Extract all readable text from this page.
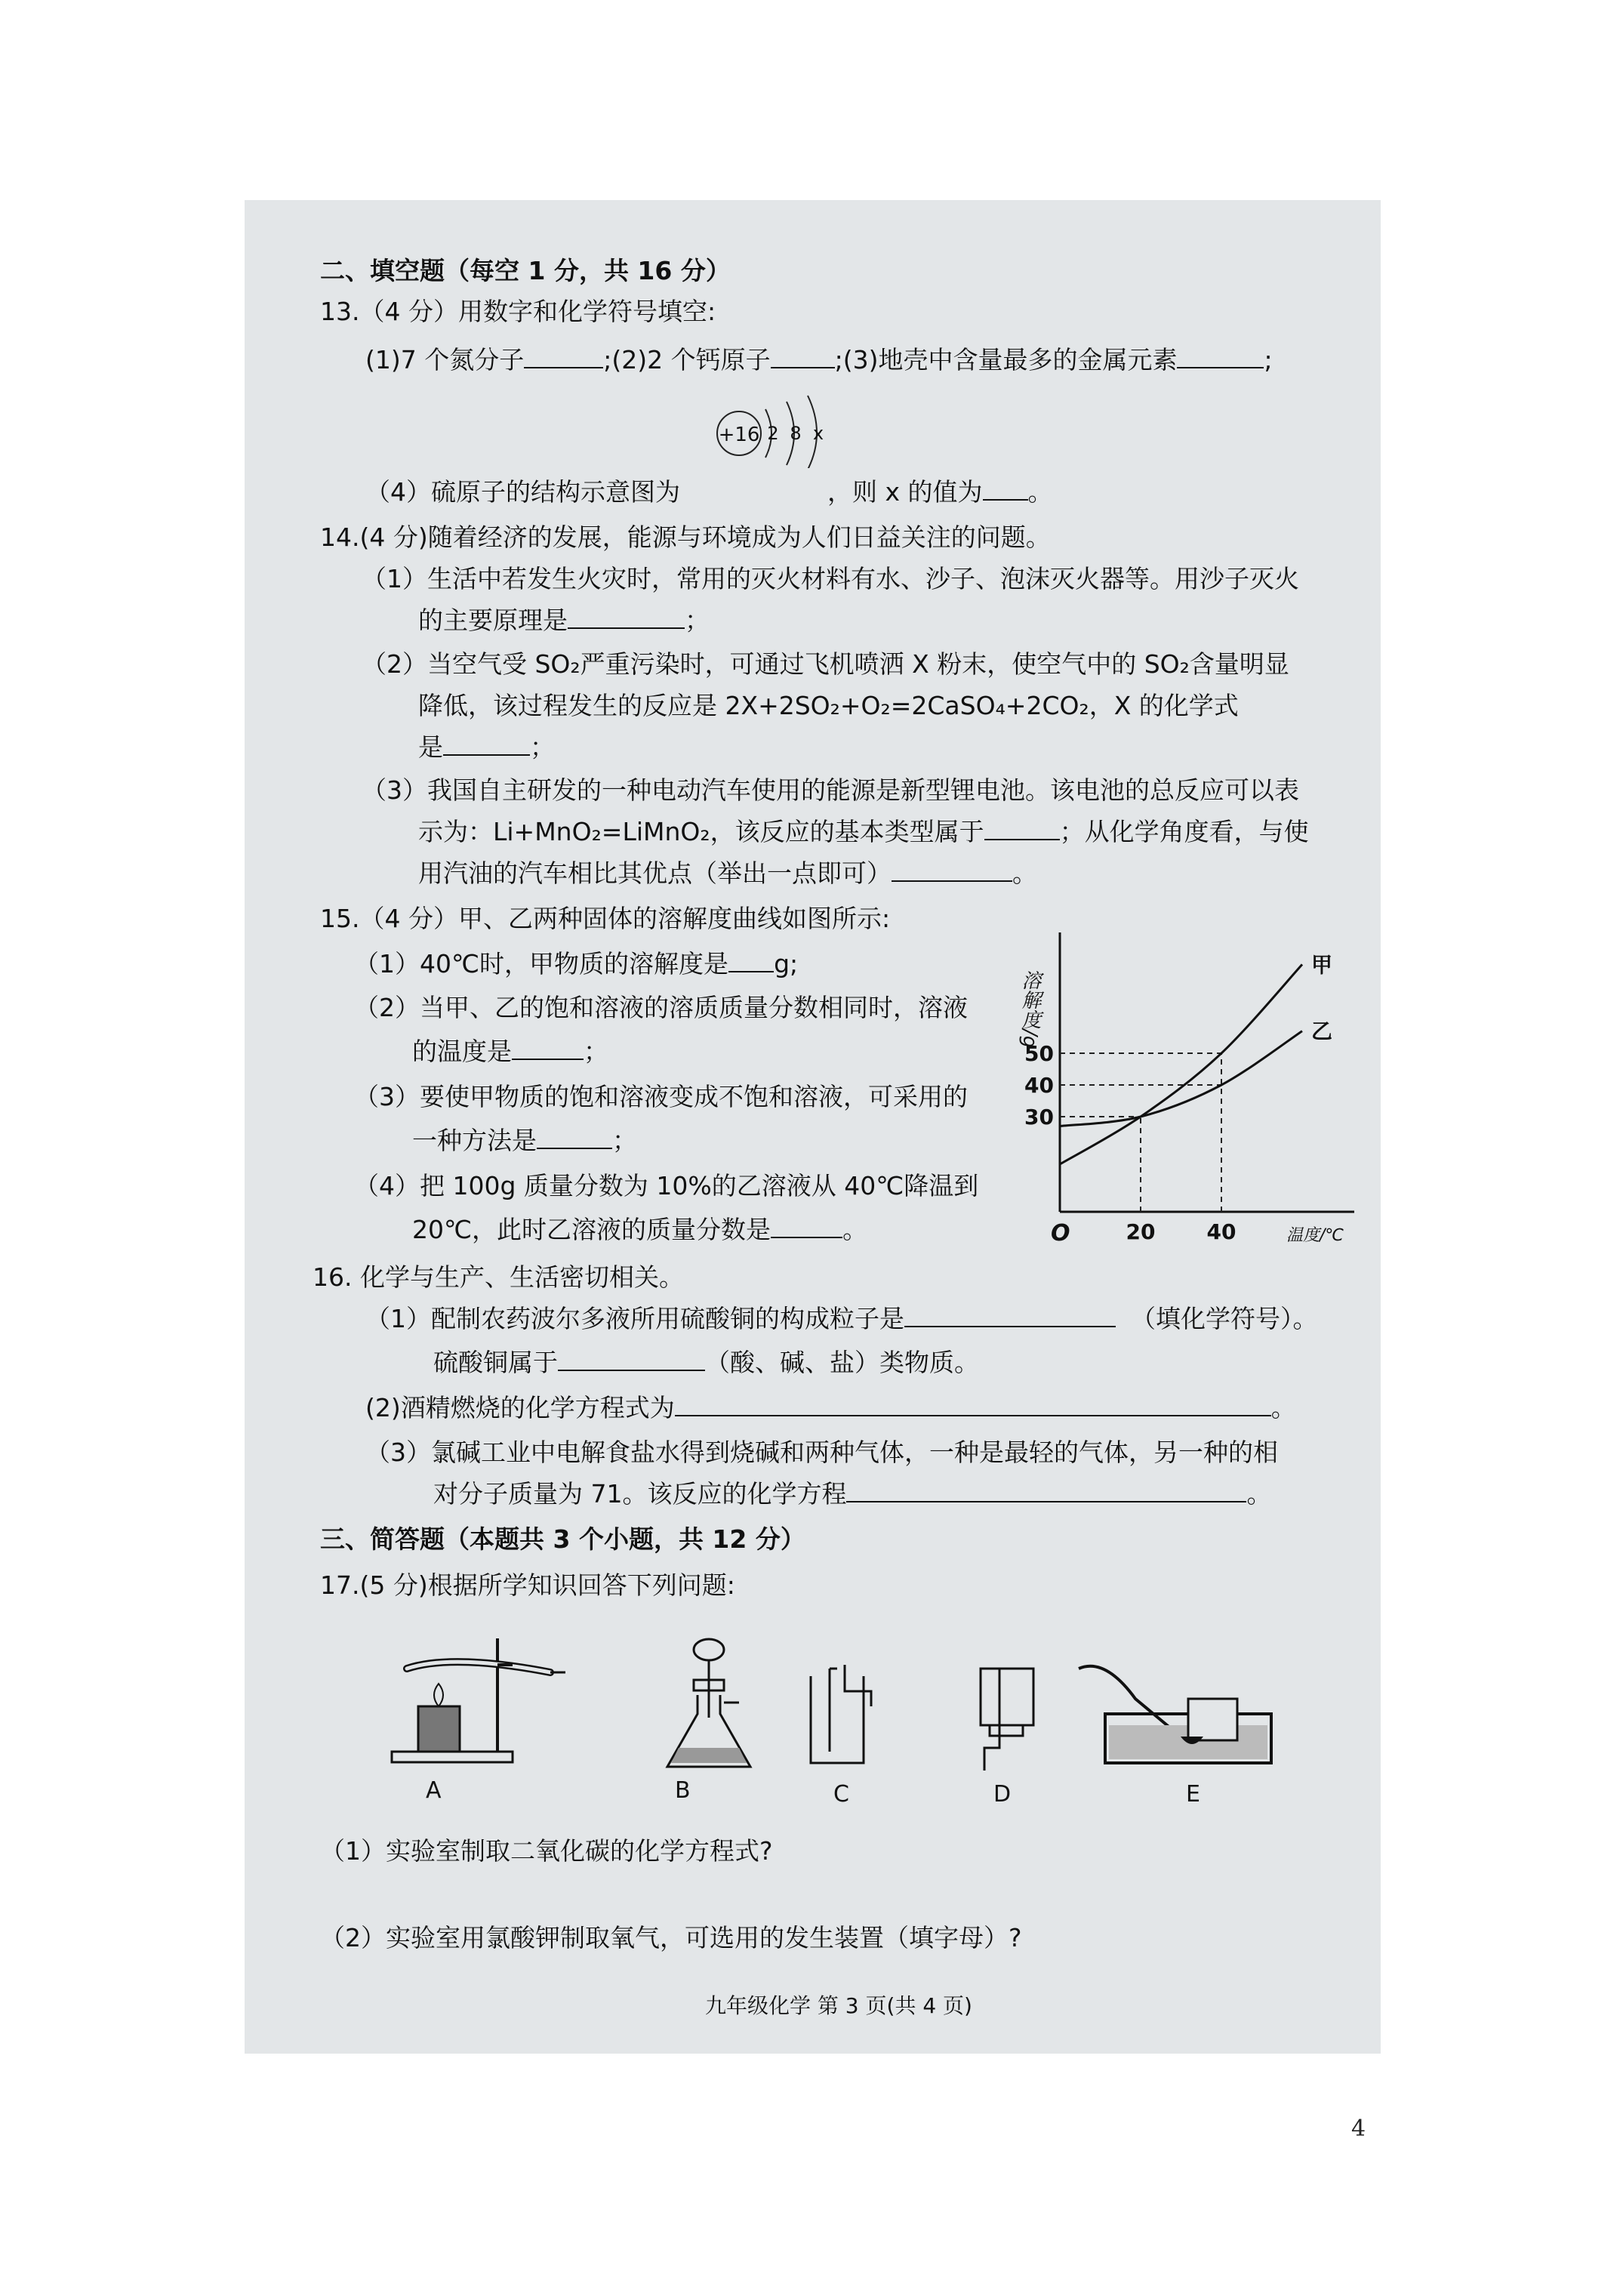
二、填空题（每空 1 分，共 16 分）
13.（4 分）用数字和化学符号填空:
(1)7 个氮分子	;(2)2 个钙原子	;(3)地壳中含量最多的金属元素	;
+16 2 8 x
（4）硫原子的结构示意图为	，则 x 的值为 。
14.(4 分)随着经济的发展，能源与环境成为人们日益关注的问题。
（1）生活中若发生火灾时，常用的灭火材料有水、沙子、泡沫灭火器等。用沙子灭火
的主要原理是	；
（2）当空气受 SO₂严重污染时，可通过飞机喷洒 X 粉末，使空气中的 SO₂含量明显
降低，该过程发生的反应是 2X+2SO₂+O₂=2CaSO₄+2CO₂，X 的化学式
是	；
（3）我国自主研发的一种电动汽车使用的能源是新型锂电池。该电池的总反应可以表
示为：Li+MnO₂=LiMnO₂，该反应的基本类型属于	；从化学角度看，与使
用汽油的汽车相比其优点（举出一点即可）	。
15.（4 分）甲、乙两种固体的溶解度曲线如图所示:
（1）40℃时，甲物质的溶解度是 g;
（2）当甲、乙的饱和溶液的溶质质量分数相同时，溶液
的温度是	；
（3）要使甲物质的饱和溶液变成不饱和溶液，可采用的
一种方法是	；
（4）把 100g 质量分数为 10%的乙溶液从 40℃降温到
20℃，此时乙溶液的质量分数是	。
溶解度/g
O	温度/℃
30
40
50
20 40
甲
乙
16. 化学与生产、生活密切相关。
（1）配制农药波尔多液所用硫酸铜的构成粒子是	（填化学符号）。
硫酸铜属于	（酸、碱、盐）类物质。
(2)酒精燃烧的化学方程式为	。
（3）氯碱工业中电解食盐水得到烧碱和两种气体，一种是最轻的气体，另一种的相
对分子质量为 71。该反应的化学方程	。
三、简答题（本题共 3 个小题，共 12 分）
17.(5 分)根据所学知识回答下列问题:
A	B	C	D	E
（1）实验室制取二氧化碳的化学方程式?
（2）实验室用氯酸钾制取氧气，可选用的发生装置（填字母）?
九年级化学 第 3 页(共 4 页)
4
